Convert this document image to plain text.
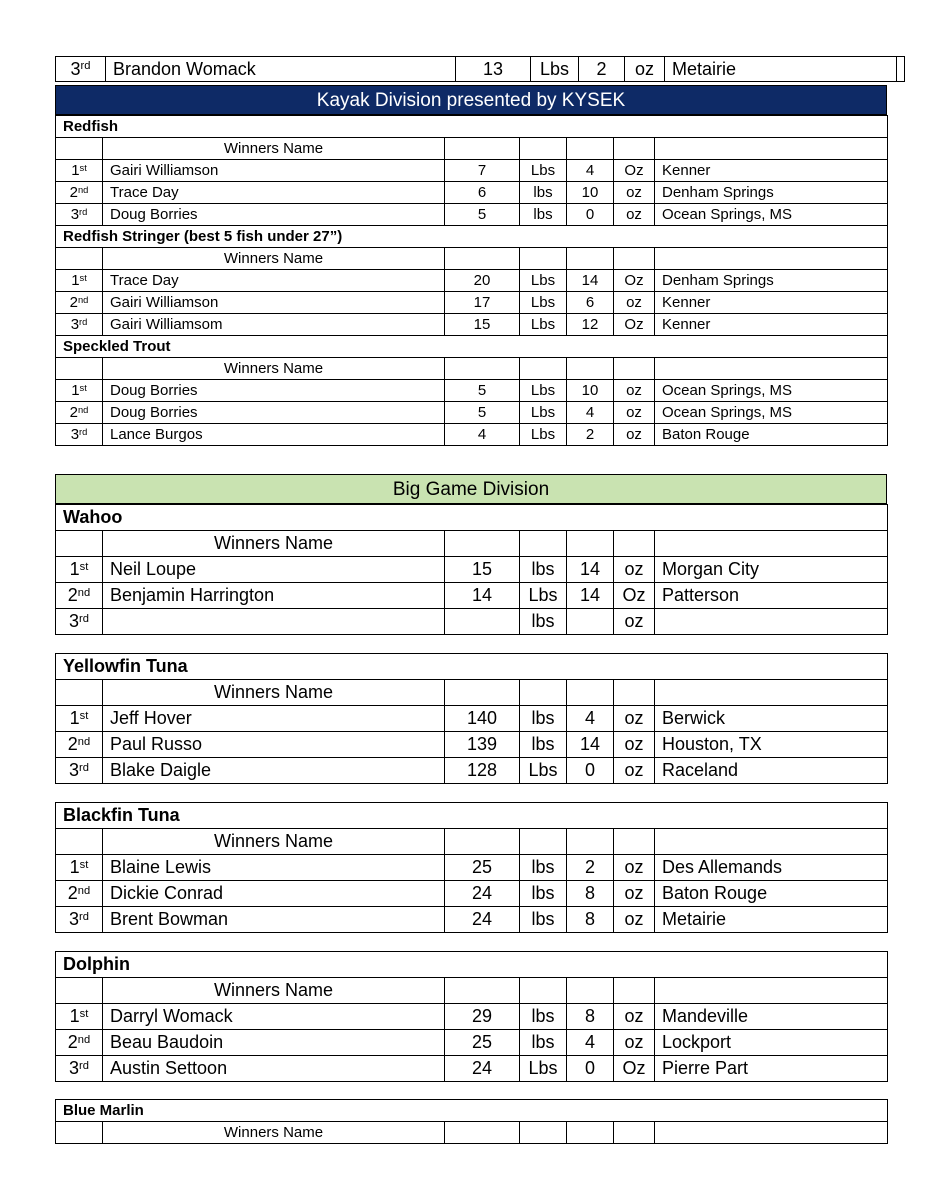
3rd	Brandon Womack	13	Lbs	2	oz	Metairie	
Kayak Division presented by KYSEK
Redfish						
	Winners Name					
1st	Gairi Williamson	7	Lbs	4	Oz	Kenner
2nd	Trace Day	6	lbs	10	oz	Denham Springs
3rd	Doug Borries	5	lbs	0	oz	Ocean Springs, MS
Redfish Stringer (best 5 fish under 27”)						
	Winners Name					
1st	Trace Day	20	Lbs	14	Oz	Denham Springs
2nd	Gairi Williamson	17	Lbs	6	oz	Kenner
3rd	Gairi Williamsom	15	Lbs	12	Oz	Kenner
Speckled Trout						
	Winners Name					
1st	Doug Borries	5	Lbs	10	oz	Ocean Springs, MS
2nd	Doug Borries	5	Lbs	4	oz	Ocean Springs, MS
3rd	Lance Burgos	4	Lbs	2	oz	Baton Rouge
Big Game Division
Wahoo						
	Winners Name					
1st	Neil Loupe	15	lbs	14	oz	Morgan City
2nd	Benjamin Harrington	14	Lbs	14	Oz	Patterson
3rd			lbs		oz	
Yellowfin Tuna						
	Winners Name					
1st	Jeff Hover	140	lbs	4	oz	Berwick
2nd	Paul Russo	139	lbs	14	oz	Houston, TX
3rd	Blake Daigle	128	Lbs	0	oz	Raceland
Blackfin Tuna						
	Winners Name					
1st	Blaine Lewis	25	lbs	2	oz	Des Allemands
2nd	Dickie Conrad	24	lbs	8	oz	Baton Rouge
3rd	Brent Bowman	24	lbs	8	oz	Metairie
Dolphin						
	Winners Name					
1st	Darryl Womack	29	lbs	8	oz	Mandeville
2nd	Beau Baudoin	25	lbs	4	oz	Lockport
3rd	Austin Settoon	24	Lbs	0	Oz	Pierre Part
Blue Marlin
	Winners Name					
